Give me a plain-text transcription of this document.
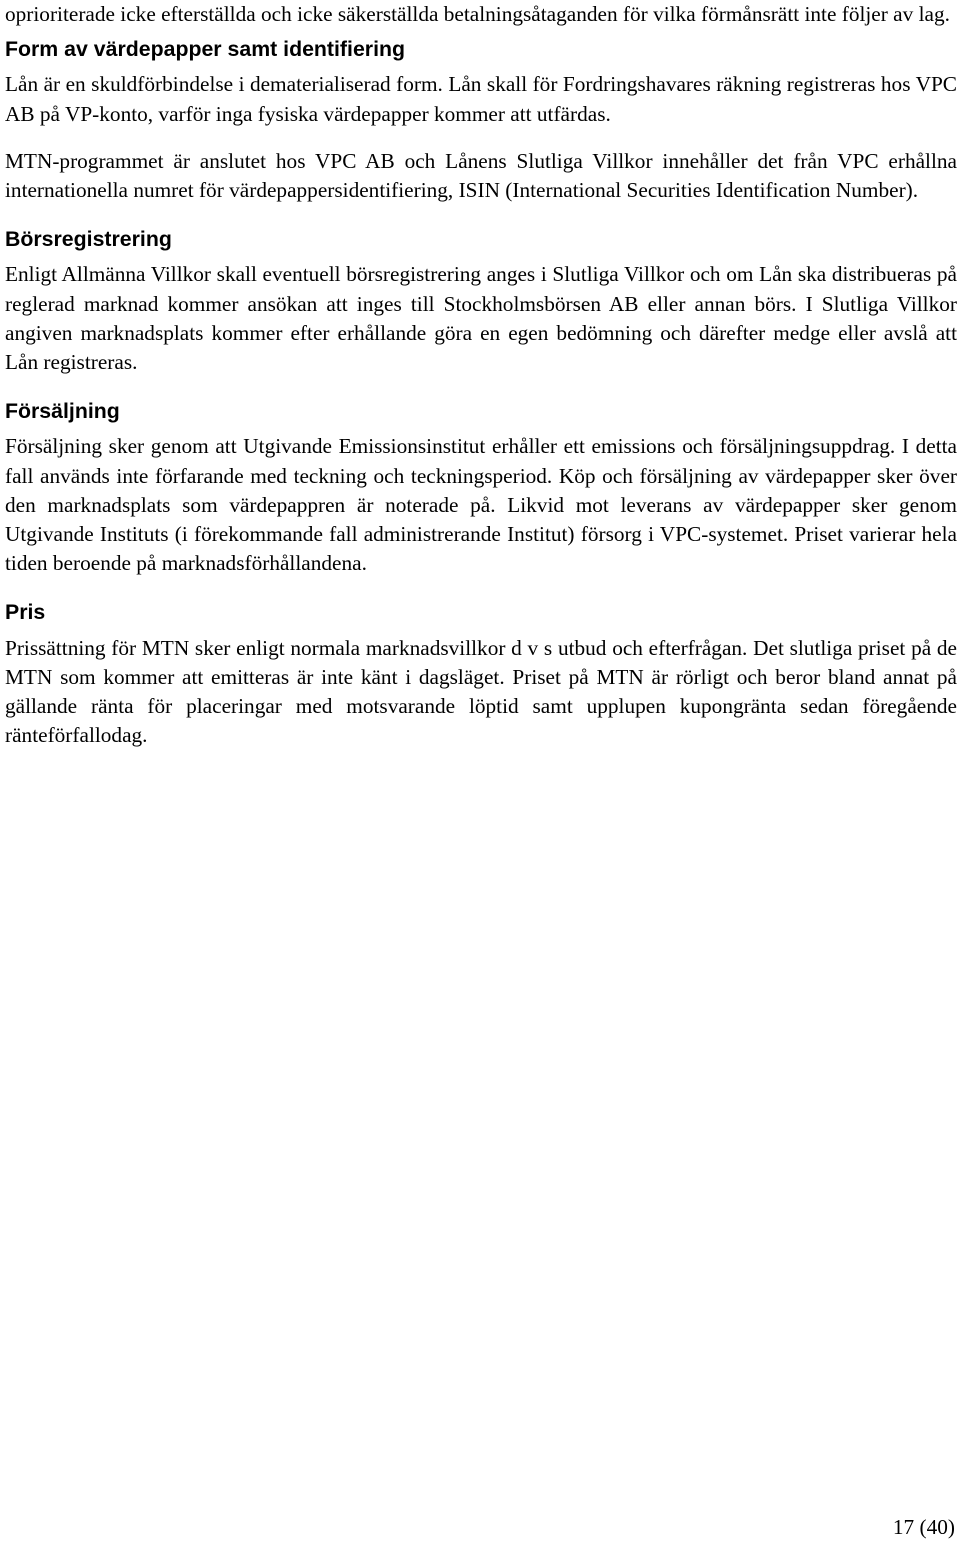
oprioriterade icke efterställda och icke säkerställda betalningsåtaganden för vilka förmånsrätt inte följer av lag.

Form av värdepapper samt identifiering

Lån är en skuldförbindelse i dematerialiserad form. Lån skall för Fordringshavares räkning registreras hos VPC AB på VP-konto, varför inga fysiska värdepapper kommer att utfärdas.

MTN-programmet är anslutet hos VPC AB och Lånens Slutliga Villkor innehåller det från VPC erhållna internationella numret för värdepappersidentifiering, ISIN (International Securities Identification Number).

Börsregistrering

Enligt Allmänna Villkor skall eventuell börsregistrering anges i Slutliga Villkor och om Lån ska distribueras på reglerad marknad kommer ansökan att inges till Stockholmsbörsen AB eller annan börs. I Slutliga Villkor angiven marknadsplats kommer efter erhållande göra en egen bedömning och därefter medge eller avslå att Lån registreras.

Försäljning

Försäljning sker genom att Utgivande Emissionsinstitut erhåller ett emissions och försäljningsuppdrag. I detta fall används inte förfarande med teckning och teckningsperiod. Köp och försäljning av värdepapper sker över den marknadsplats som värdepappren är noterade på. Likvid mot leverans av värdepapper sker genom Utgivande Instituts (i förekommande fall administrerande Institut) försorg i VPC-systemet. Priset varierar hela tiden beroende på marknadsförhållandena.

Pris

Prissättning för MTN sker enligt normala marknadsvillkor d v s utbud och efterfrågan. Det slutliga priset på de MTN som kommer att emitteras är inte känt i dagsläget. Priset på MTN är rörligt och beror bland annat på gällande ränta för placeringar med motsvarande löptid samt upplupen kupongränta sedan föregående ränteförfallodag.

17 (40)
